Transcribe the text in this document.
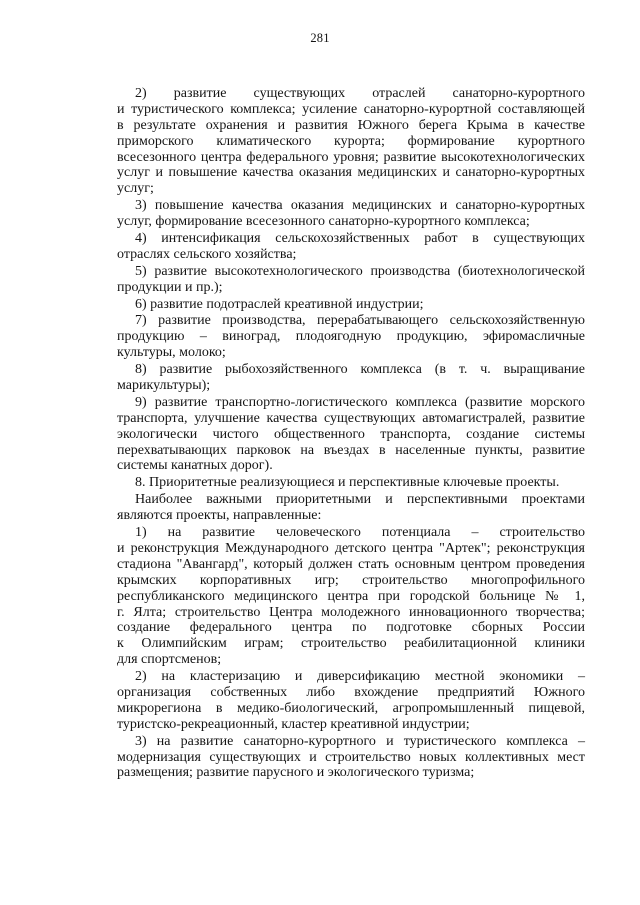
281
2)     развитие     существующих     отраслей     санаторно-курортного
и туристического комплекса; усиление санаторно-курортной составляющей
в результате охранения и развития Южного берега Крыма в качестве
приморского климатического курорта; формирование курортного
всесезонного центра федерального уровня; развитие высокотехнологических
услуг и повышение качества оказания медицинских и санаторно-курортных
услуг;
3) повышение качества оказания медицинских и санаторно-курортных
услуг, формирование всесезонного санаторно-курортного комплекса;
4) интенсификация сельскохозяйственных работ в существующих
отраслях сельского хозяйства;
5) развитие высокотехнологического производства (биотехнологической
продукции и пр.);
6) развитие подотраслей креативной индустрии;
7) развитие производства, перерабатывающего сельскохозяйственную
продукцию – виноград, плодоягодную продукцию, эфиромасличные
культуры, молоко;
8) развитие рыбохозяйственного комплекса (в т. ч. выращивание
марикультуры);
9) развитие транспортно-логистического комплекса (развитие морского
транспорта, улучшение качества существующих автомагистралей, развитие
экологически чистого общественного транспорта, создание системы
перехватывающих парковок на въездах в населенные пункты, развитие
системы канатных дорог).
8. Приоритетные реализующиеся и перспективные ключевые проекты.
Наиболее важными приоритетными и перспективными проектами
являются проекты, направленные:
1) на развитие человеческого потенциала – строительство
и реконструкция Международного детского центра "Артек"; реконструкция
стадиона "Авангард", который должен стать основным центром проведения
крымских корпоративных игр; строительство многопрофильного
республиканского медицинского центра при городской больнице № 1,
г. Ялта; строительство Центра молодежного инновационного творчества;
создание федерального центра по подготовке сборных России
к Олимпийским играм; строительство реабилитационной клиники
для спортсменов;
2) на кластеризацию и диверсификацию местной экономики –
организация собственных либо вхождение предприятий Южного
микрорегиона в медико-биологический, агропромышленный пищевой,
туристско-рекреационный, кластер креативной индустрии;
3) на развитие санаторно-курортного и туристического комплекса –
модернизация существующих и строительство новых коллективных мест
размещения; развитие парусного и экологического туризма;
